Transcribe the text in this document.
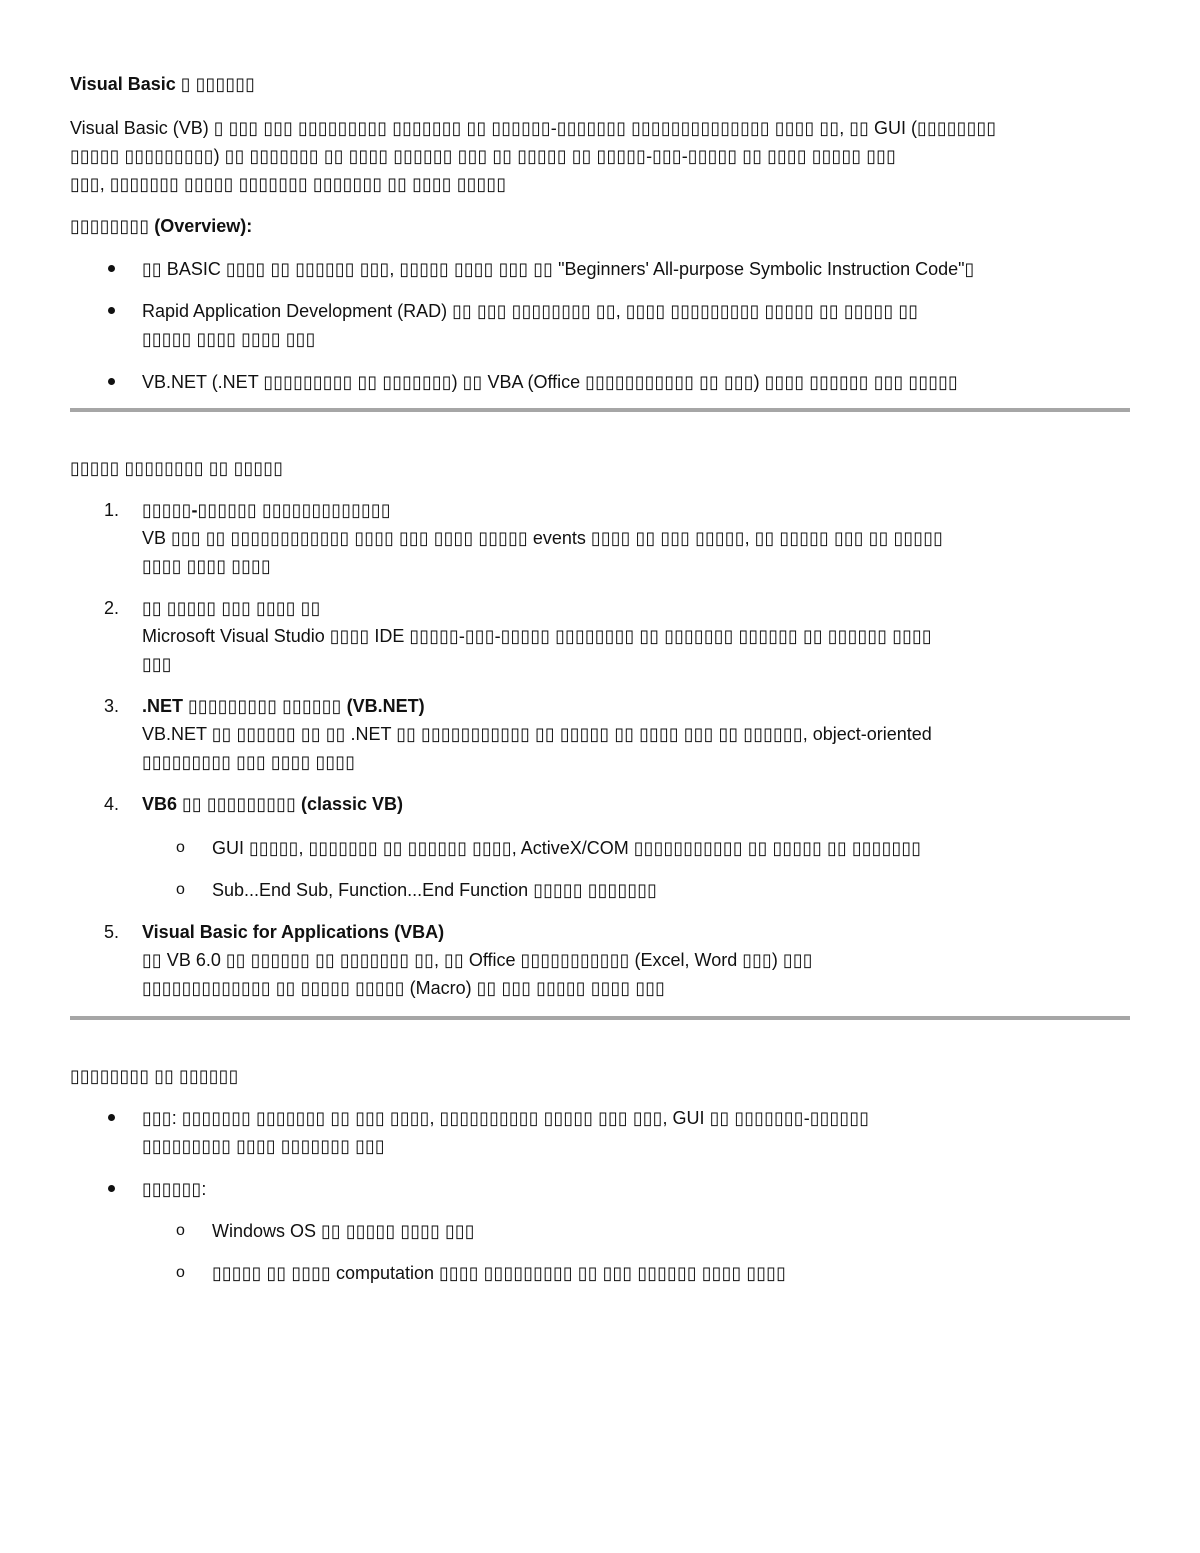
Visual Basic ▯ ▯▯▯▯▯▯
Visual Basic (VB) ▯ ▯▯▯ ▯▯▯ ▯▯▯▯▯▯▯▯▯ ▯▯▯▯▯▯▯ ▯▯ ▯▯▯▯▯▯-▯▯▯▯▯▯▯ ▯▯▯▯▯▯▯▯▯▯▯▯▯▯ ▯▯▯▯ ▯▯, ▯▯ GUI (▯▯▯▯▯▯▯▯
▯▯▯▯▯ ▯▯▯▯▯▯▯▯▯) ▯▯ ▯▯▯▯▯▯▯ ▯▯ ▯▯▯▯ ▯▯▯▯▯▯ ▯▯▯ ▯▯ ▯▯▯▯▯ ▯▯ ▯▯▯▯▯-▯▯▯-▯▯▯▯▯ ▯▯ ▯▯▯▯ ▯▯▯▯▯ ▯▯▯
▯▯▯, ▯▯▯▯▯▯▯ ▯▯▯▯▯ ▯▯▯▯▯▯▯ ▯▯▯▯▯▯▯ ▯▯ ▯▯▯▯ ▯▯▯▯▯
▯▯▯▯▯▯▯▯ (Overview):
▯▯ BASIC ▯▯▯▯ ▯▯ ▯▯▯▯▯▯ ▯▯▯, ▯▯▯▯▯ ▯▯▯▯ ▯▯▯ ▯▯ "Beginners' All-purpose Symbolic Instruction Code"▯
Rapid Application Development (RAD) ▯▯ ▯▯▯ ▯▯▯▯▯▯▯▯ ▯▯, ▯▯▯▯ ▯▯▯▯▯▯▯▯▯ ▯▯▯▯▯ ▯▯ ▯▯▯▯▯ ▯▯
▯▯▯▯▯ ▯▯▯▯ ▯▯▯▯ ▯▯▯
VB.NET (.NET ▯▯▯▯▯▯▯▯▯ ▯▯ ▯▯▯▯▯▯▯) ▯▯ VBA (Office ▯▯▯▯▯▯▯▯▯▯▯ ▯▯ ▯▯▯) ▯▯▯▯ ▯▯▯▯▯▯ ▯▯▯ ▯▯▯▯▯
▯▯▯▯▯ ▯▯▯▯▯▯▯▯ ▯▯ ▯▯▯▯▯
1. ▯▯▯▯▯-▯▯▯▯▯▯ ▯▯▯▯▯▯▯▯▯▯▯▯▯
VB ▯▯▯ ▯▯ ▯▯▯▯▯▯▯▯▯▯▯▯ ▯▯▯▯ ▯▯▯ ▯▯▯▯ ▯▯▯▯▯ events ▯▯▯▯ ▯▯ ▯▯▯ ▯▯▯▯▯, ▯▯ ▯▯▯▯▯ ▯▯▯ ▯▯ ▯▯▯▯▯
▯▯▯▯ ▯▯▯▯ ▯▯▯▯
2. ▯▯ ▯▯▯▯▯ ▯▯▯ ▯▯▯▯ ▯▯
Microsoft Visual Studio ▯▯▯▯ IDE ▯▯▯▯▯-▯▯▯-▯▯▯▯▯ ▯▯▯▯▯▯▯▯ ▯▯ ▯▯▯▯▯▯▯ ▯▯▯▯▯▯ ▯▯ ▯▯▯▯▯▯ ▯▯▯▯
▯▯▯
3. .NET ▯▯▯▯▯▯▯▯▯ ▯▯▯▯▯▯ (VB.NET)
VB.NET ▯▯ ▯▯▯▯▯▯ ▯▯ ▯▯ .NET ▯▯ ▯▯▯▯▯▯▯▯▯▯▯ ▯▯ ▯▯▯▯▯ ▯▯ ▯▯▯▯ ▯▯▯ ▯▯ ▯▯▯▯▯▯, object-oriented
▯▯▯▯▯▯▯▯▯ ▯▯▯ ▯▯▯▯ ▯▯▯▯
4. VB6 ▯▯ ▯▯▯▯▯▯▯▯▯ (classic VB)
o GUI ▯▯▯▯▯, ▯▯▯▯▯▯▯ ▯▯ ▯▯▯▯▯▯ ▯▯▯▯, ActiveX/COM ▯▯▯▯▯▯▯▯▯▯▯ ▯▯ ▯▯▯▯▯ ▯▯ ▯▯▯▯▯▯▯
o Sub...End Sub, Function...End Function ▯▯▯▯▯ ▯▯▯▯▯▯▯
5. Visual Basic for Applications (VBA)
▯▯ VB 6.0 ▯▯ ▯▯▯▯▯▯ ▯▯ ▯▯▯▯▯▯▯ ▯▯, ▯▯ Office ▯▯▯▯▯▯▯▯▯▯▯ (Excel, Word ▯▯▯) ▯▯▯
▯▯▯▯▯▯▯▯▯▯▯▯▯ ▯▯ ▯▯▯▯▯ ▯▯▯▯▯ (Macro) ▯▯ ▯▯▯ ▯▯▯▯▯ ▯▯▯▯ ▯▯▯
▯▯▯▯▯▯▯▯ ▯▯ ▯▯▯▯▯▯
▯▯▯: ▯▯▯▯▯▯▯ ▯▯▯▯▯▯▯ ▯▯ ▯▯▯ ▯▯▯▯, ▯▯▯▯▯▯▯▯▯▯ ▯▯▯▯▯ ▯▯▯ ▯▯▯, GUI ▯▯ ▯▯▯▯▯▯▯-▯▯▯▯▯▯
▯▯▯▯▯▯▯▯▯ ▯▯▯▯ ▯▯▯▯▯▯▯ ▯▯▯
▯▯▯▯▯▯:
o Windows OS ▯▯ ▯▯▯▯▯ ▯▯▯▯ ▯▯▯
o ▯▯▯▯▯ ▯▯ ▯▯▯▯ computation ▯▯▯▯ ▯▯▯▯▯▯▯▯▯ ▯▯ ▯▯▯ ▯▯▯▯▯▯ ▯▯▯▯ ▯▯▯▯
